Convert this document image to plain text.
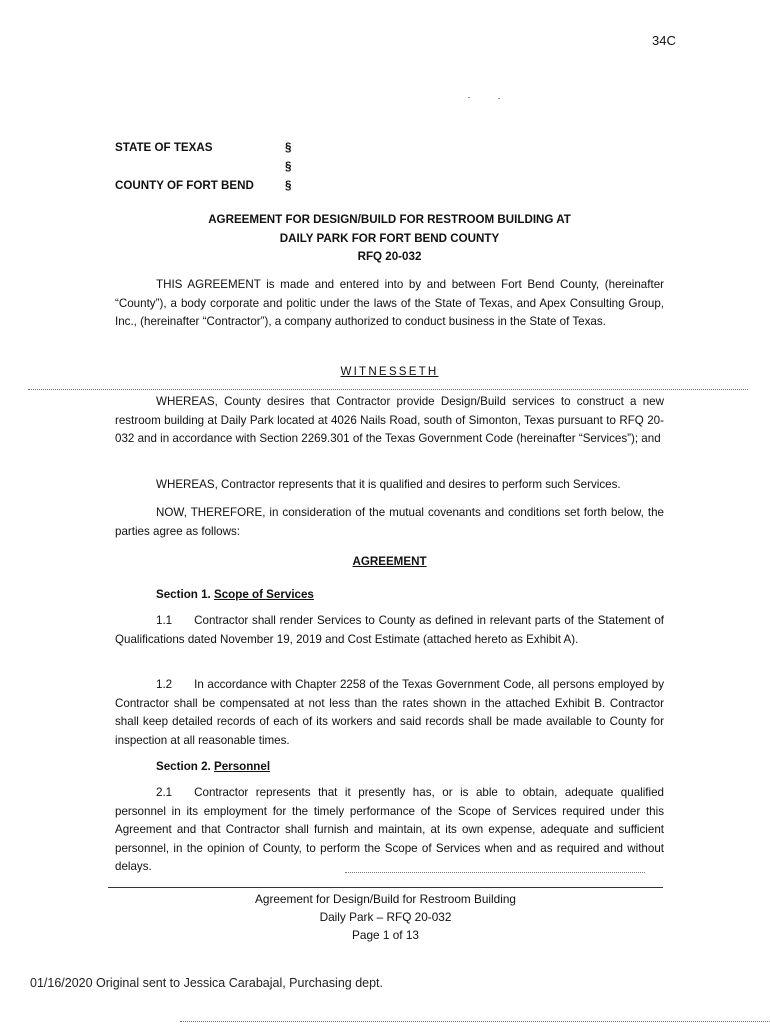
34C
STATE OF TEXAS	§
§
COUNTY OF FORT BEND	§
AGREEMENT FOR DESIGN/BUILD FOR RESTROOM BUILDING AT
DAILY PARK FOR FORT BEND COUNTY
RFQ 20-032
THIS AGREEMENT is made and entered into by and between Fort Bend County, (hereinafter “County”), a body corporate and politic under the laws of the State of Texas, and Apex Consulting Group, Inc., (hereinafter “Contractor”), a company authorized to conduct business in the State of Texas.
WITNESSETH
WHEREAS, County desires that Contractor provide Design/Build services to construct a new restroom building at Daily Park located at 4026 Nails Road, south of Simonton, Texas pursuant to RFQ 20-032 and in accordance with Section 2269.301 of the Texas Government Code (hereinafter “Services”); and
WHEREAS, Contractor represents that it is qualified and desires to perform such Services.
NOW, THEREFORE, in consideration of the mutual covenants and conditions set forth below, the parties agree as follows:
AGREEMENT
Section 1. Scope of Services
1.1 Contractor shall render Services to County as defined in relevant parts of the Statement of Qualifications dated November 19, 2019 and Cost Estimate (attached hereto as Exhibit A).
1.2 In accordance with Chapter 2258 of the Texas Government Code, all persons employed by Contractor shall be compensated at not less than the rates shown in the attached Exhibit B. Contractor shall keep detailed records of each of its workers and said records shall be made available to County for inspection at all reasonable times.
Section 2. Personnel
2.1 Contractor represents that it presently has, or is able to obtain, adequate qualified personnel in its employment for the timely performance of the Scope of Services required under this Agreement and that Contractor shall furnish and maintain, at its own expense, adequate and sufficient personnel, in the opinion of County, to perform the Scope of Services when and as required and without delays.
Agreement for Design/Build for Restroom Building
Daily Park – RFQ 20-032
Page 1 of 13
01/16/2020 Original sent to Jessica Carabajal, Purchasing dept.
